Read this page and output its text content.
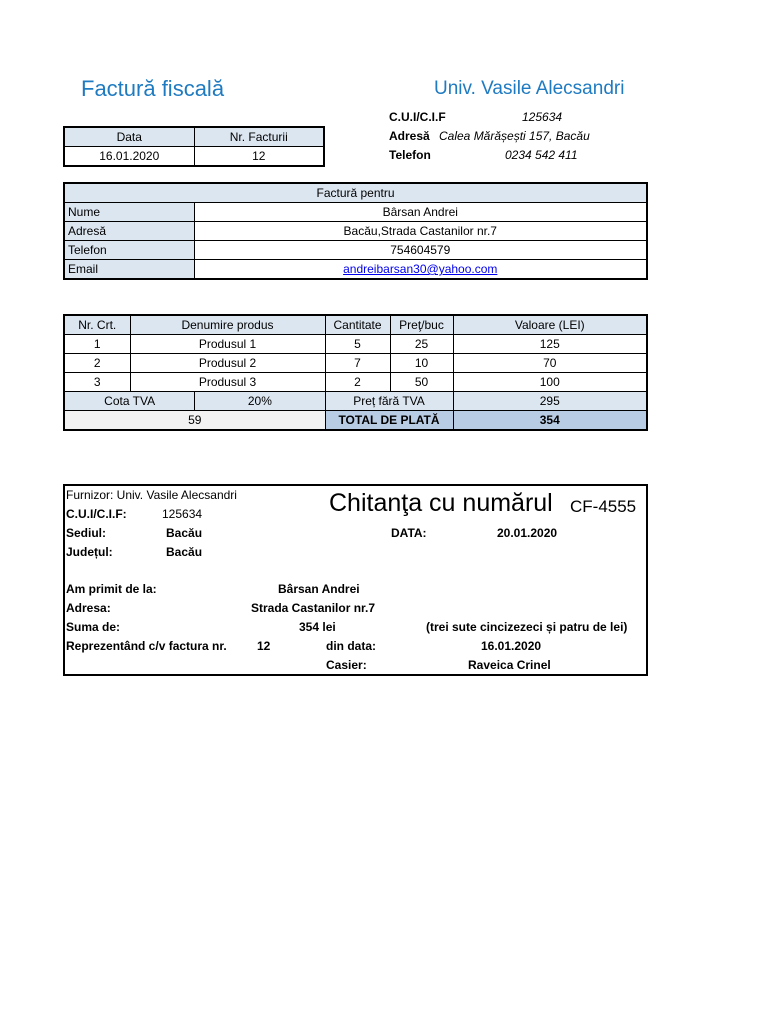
Factură fiscală	Univ. Vasile Alecsandri
C.U.I/C.I.F	125634
Adresă Calea Mărășești 157, Bacău
Telefon	0234 542 411
Data	Nr. Facturii
16.01.2020	12
Factură pentru	
Nume	Bârsan Andrei
Adresă	Bacău,Strada Castanilor nr.7
Telefon	754604579
Email	andreibarsan30@yahoo.com
Nr. Crt.	Denumire produs	Cantitate	Preţ/buc	Valoare (LEI)
1	Produsul 1	5	25	125
2	Produsul 2	7	10	70
3	Produsul 3	2	50	100

Cota TVA 20%		Preț fără TVA		295
59		TOTAL DE PLATĂ		354
Furnizor: Univ. Vasile Alecsandri
C.U.I/C.I.F:	125634
Sediul:	Bacău
Județul:	Bacău
Chitanţa cu numărul CF-4555
DATA:	20.01.2020
Am primit de la:	Bârsan Andrei
Adresa:	Strada Castanilor nr.7
Suma de:	354 lei	(trei sute cincizezeci și patru de lei)
Reprezentând c/v factura nr.	12	din data:	16.01.2020
Casier:	Raveica Crinel
